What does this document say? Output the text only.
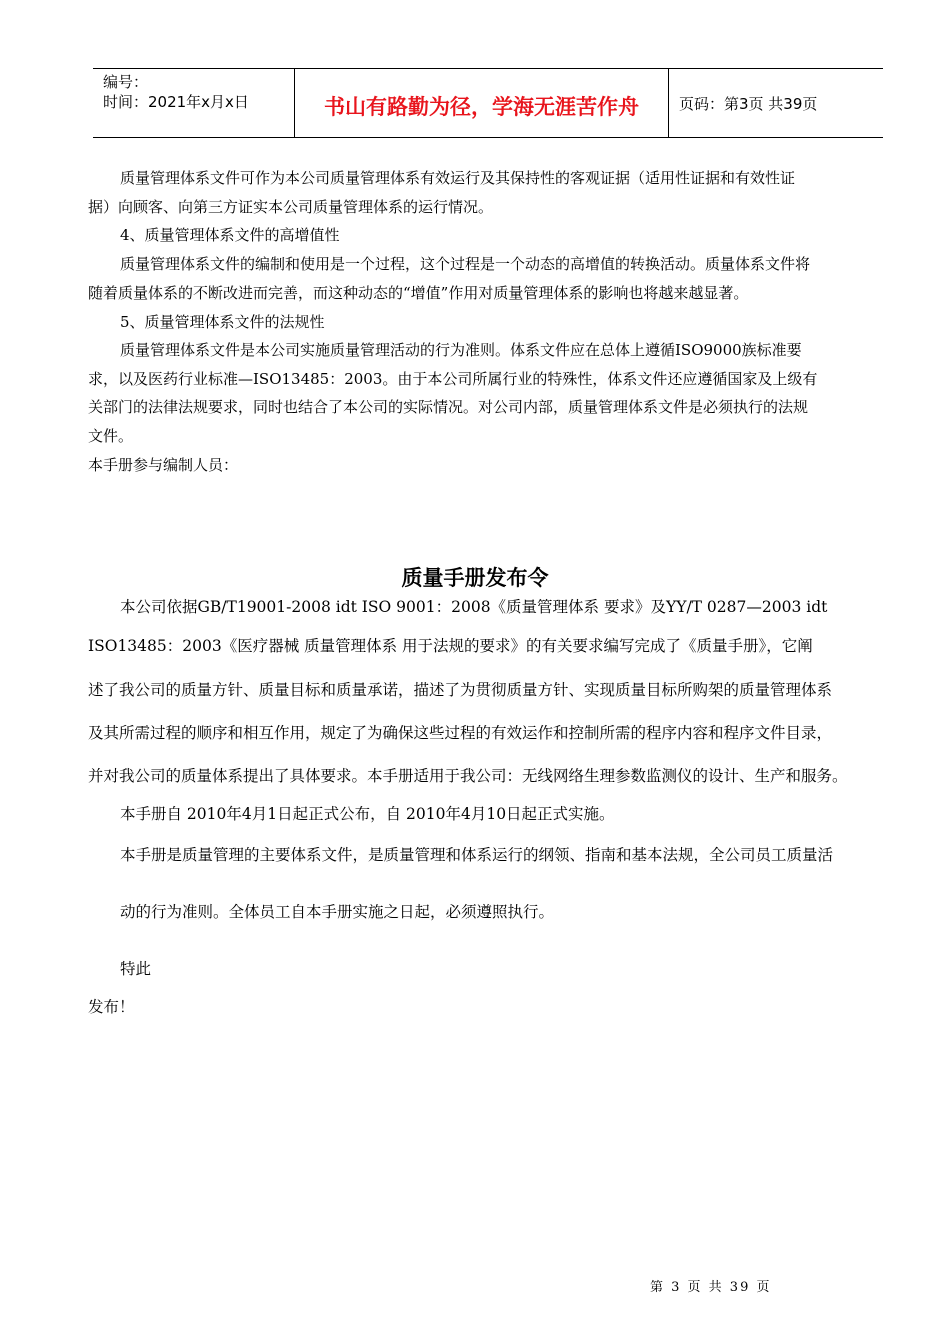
编号：
时间：2021年x月x日	书山有路勤为径，学海无涯苦作舟	页码：第3页 共39页
质量管理体系文件可作为本公司质量管理体系有效运行及其保持性的客观证据（适用性证据和有效性证
据）向顾客、向第三方证实本公司质量管理体系的运行情况。
4、质量管理体系文件的高增值性
质量管理体系文件的编制和使用是一个过程，这个过程是一个动态的高增值的转换活动。质量体系文件将
随着质量体系的不断改进而完善，而这种动态的“增值”作用对质量管理体系的影响也将越来越显著。
5、质量管理体系文件的法规性
质量管理体系文件是本公司实施质量管理活动的行为准则。体系文件应在总体上遵循ISO9000族标准要
求，以及医药行业标准—ISO13485：2003。由于本公司所属行业的特殊性，体系文件还应遵循国家及上级有
关部门的法律法规要求，同时也结合了本公司的实际情况。对公司内部，质量管理体系文件是必须执行的法规
文件。
本手册参与编制人员：
质量手册发布令
本公司依据GB/T19001-2008 idt ISO 9001：2008《质量管理体系 要求》及YY/T 0287—2003 idt
ISO13485：2003《医疗器械 质量管理体系 用于法规的要求》的有关要求编写完成了《质量手册》，它阐
述了我公司的质量方针、质量目标和质量承诺，描述了为贯彻质量方针、实现质量目标所购架的质量管理体系
及其所需过程的顺序和相互作用，规定了为确保这些过程的有效运作和控制所需的程序内容和程序文件目录，
并对我公司的质量体系提出了具体要求。本手册适用于我公司：无线网络生理参数监测仪的设计、生产和服务。
本手册自 2010年4月1日起正式公布，自 2010年4月10日起正式实施。
本手册是质量管理的主要体系文件，是质量管理和体系运行的纲领、指南和基本法规，全公司员工质量活
动的行为准则。全体员工自本手册实施之日起，必须遵照执行。
特此
发布！
第 3 页 共 39 页
